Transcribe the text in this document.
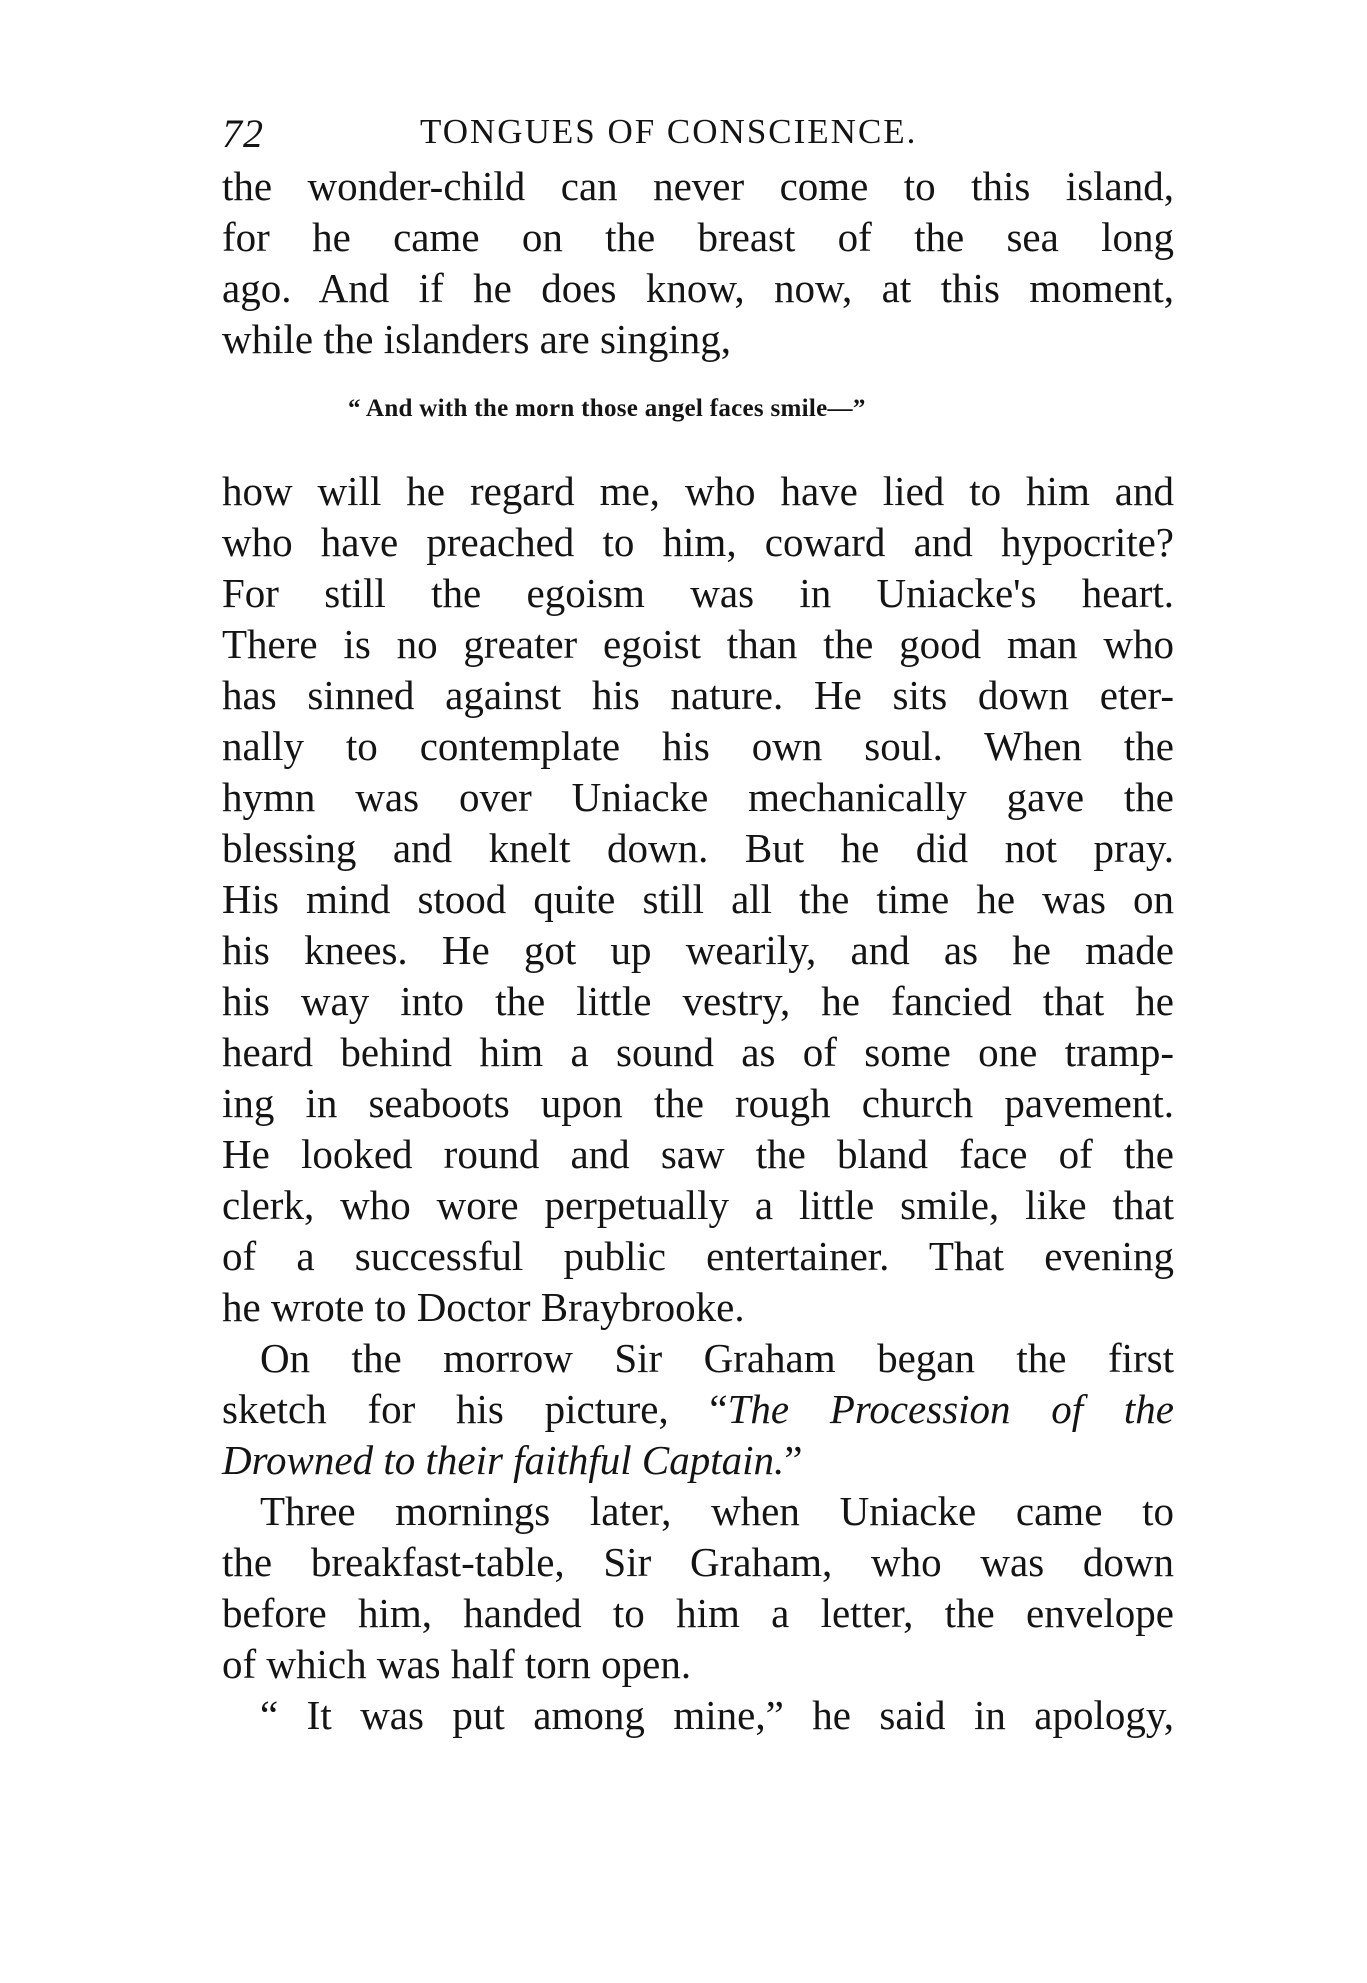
72	TONGUES OF CONSCIENCE.
the wonder-child can never come to this island,
for he came on the breast of the sea long
ago. And if he does know, now, at this moment,
while the islanders are singing,
“ And with the morn those angel faces smile—”
how will he regard me, who have lied to him and
who have preached to him, coward and hypocrite?
For still the egoism was in Uniacke's heart.
There is no greater egoist than the good man who
has sinned against his nature. He sits down eter-
nally to contemplate his own soul. When the
hymn was over Uniacke mechanically gave the
blessing and knelt down. But he did not pray.
His mind stood quite still all the time he was on
his knees. He got up wearily, and as he made
his way into the little vestry, he fancied that he
heard behind him a sound as of some one tramp-
ing in seaboots upon the rough church pavement.
He looked round and saw the bland face of the
clerk, who wore perpetually a little smile, like that
of a successful public entertainer. That evening
he wrote to Doctor Braybrooke.
On the morrow Sir Graham began the first
sketch for his picture, “The Procession of the
Drowned to their faithful Captain.”
Three mornings later, when Uniacke came to
the breakfast-table, Sir Graham, who was down
before him, handed to him a letter, the envelope
of which was half torn open.
“ It was put among mine,” he said in apology,
